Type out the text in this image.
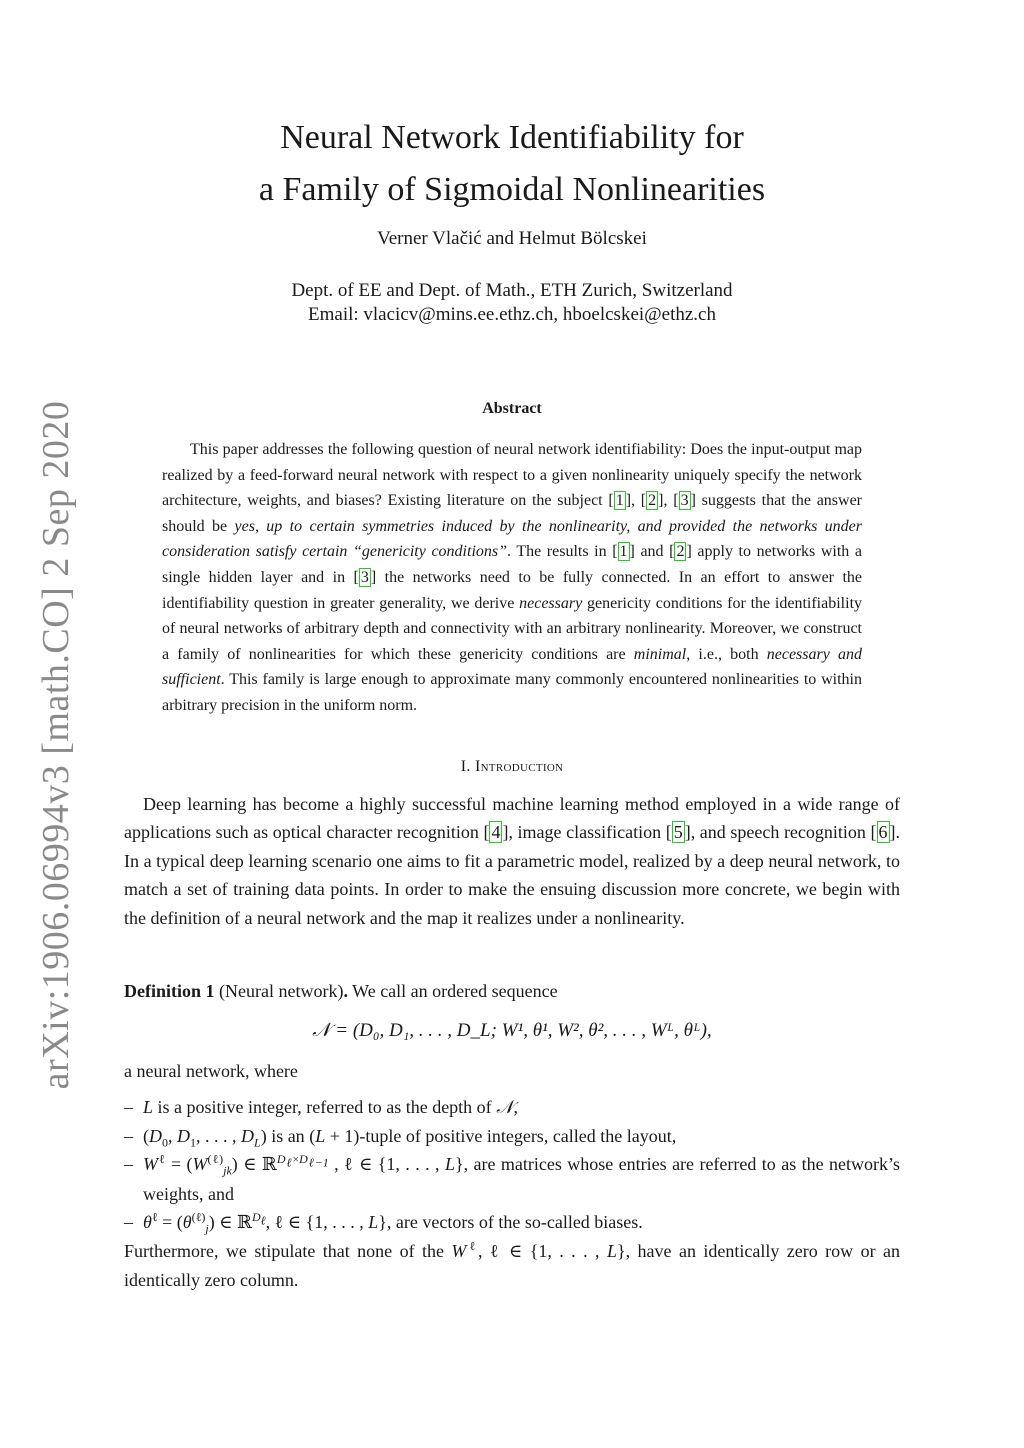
arXiv:1906.06994v3 [math.CO] 2 Sep 2020
Neural Network Identifiability for
a Family of Sigmoidal Nonlinearities
Verner Vlačić and Helmut Bölcskei
Dept. of EE and Dept. of Math., ETH Zurich, Switzerland
Email: vlacicv@mins.ee.ethz.ch, hboelcskei@ethz.ch
Abstract

This paper addresses the following question of neural network identifiability: Does the input-output map realized by a feed-forward neural network with respect to a given nonlinearity uniquely specify the network architecture, weights, and biases? Existing literature on the subject [ 1 ], [ 2 ], [ 3 ] suggests that the answer should be yes, up to certain symmetries induced by the nonlinearity, and provided the networks under consideration satisfy certain “genericity conditions”. The results in [ 1 ] and [ 2 ] apply to networks with a single hidden layer and in [ 3 ] the networks need to be fully connected. In an effort to answer the identifiability question in greater generality, we derive necessary genericity conditions for the identifiability of neural networks of arbitrary depth and connectivity with an arbitrary nonlinearity. Moreover, we construct a family of nonlinearities for which these genericity conditions are minimal, i.e., both necessary and sufficient. This family is large enough to approximate many commonly encountered nonlinearities to within arbitrary precision in the uniform norm.

I. Introduction

Deep learning has become a highly successful machine learning method employed in a wide range of applications such as optical character recognition [ 4 ], image classification [ 5 ], and speech recognition [ 6 ]. In a typical deep learning scenario one aims to fit a parametric model, realized by a deep neural network, to match a set of training data points. In order to make the ensuing discussion more concrete, we begin with the definition of a neural network and the map it realizes under a nonlinearity.

Definition 1 (Neural network). We call an ordered sequence
𝒩 = (D₀, D₁, . . . , D_L; W¹, θ¹, W², θ², . . . , Wᴸ, θᴸ),
a neural network, where
– L is a positive integer, referred to as the depth of 𝒩,
– ($D_0$, $D_1$, . . . , $D_L$) is an (L + 1)-tuple of positive integers, called the layout,
– $W^\ell = (W^{(\ell)}_{jk})$ ∈ ℝ$^{D_\ell\times D_{\ell-1}}$ , ℓ ∈ {1, . . . , L}, are matrices whose entries are referred to as the network’s weights, and
– $\theta^\ell = (\theta^{(\ell)}_j)$ ∈ ℝ$^{D_\ell}$, ℓ ∈ {1, . . . , L}, are vectors of the so-called biases.
Furthermore, we stipulate that none of the $W^\ell$, ℓ ∈ {1, . . . , L}, have an identically zero row or an identically zero column.
